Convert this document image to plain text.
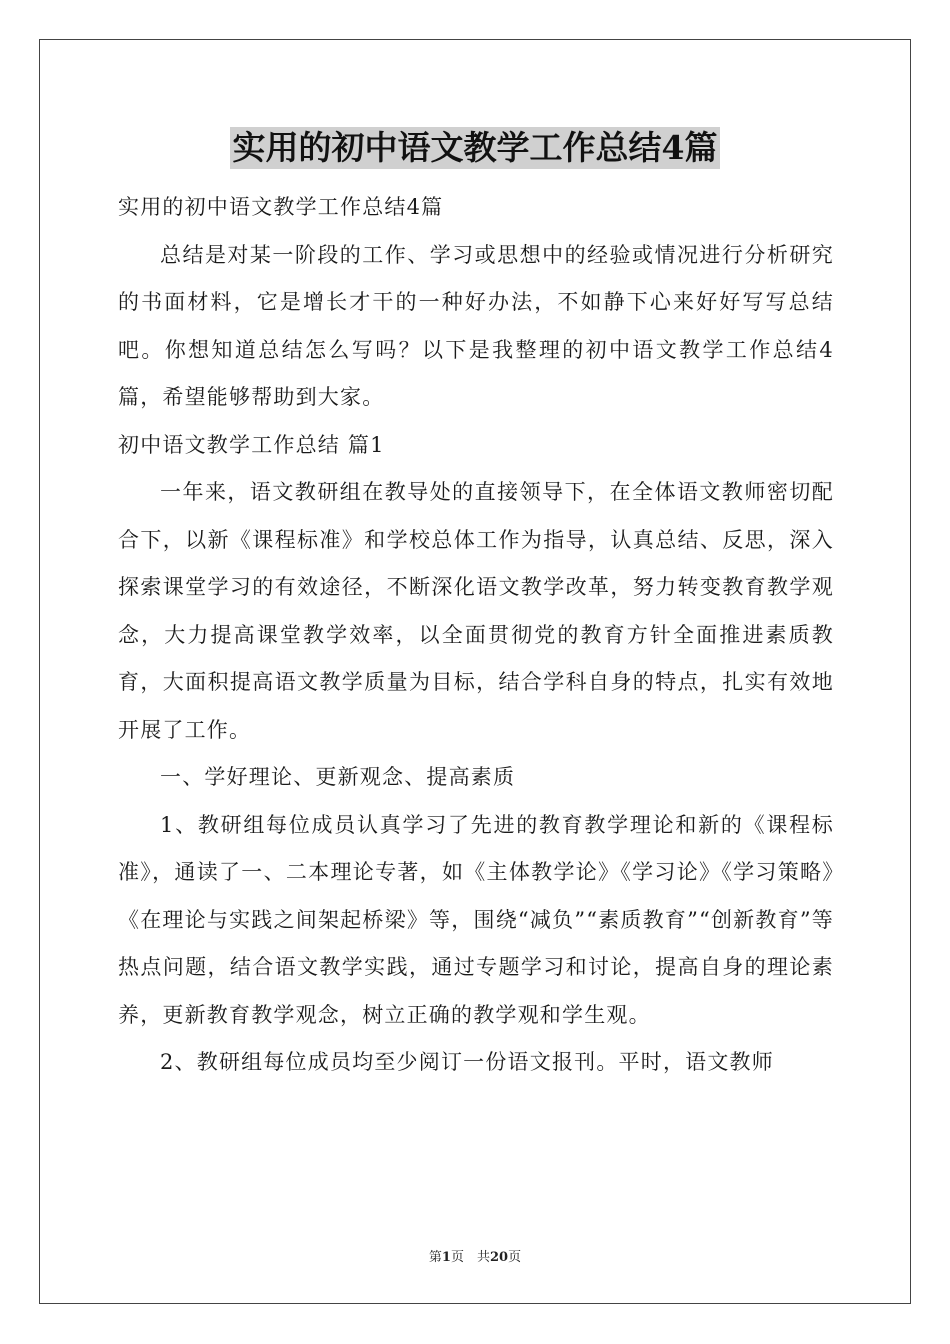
实用的初中语文教学工作总结4篇

实用的初中语文教学工作总结4篇

总结是对某一阶段的工作、学习或思想中的经验或情况进行分析研究的书面材料，它是增长才干的一种好办法，不如静下心来好好写写总结吧。你想知道总结怎么写吗？以下是我整理的初中语文教学工作总结4篇，希望能够帮助到大家。

初中语文教学工作总结 篇1

一年来，语文教研组在教导处的直接领导下，在全体语文教师密切配合下，以新《课程标准》和学校总体工作为指导，认真总结、反思，深入探索课堂学习的有效途径，不断深化语文教学改革，努力转变教育教学观念，大力提高课堂教学效率，以全面贯彻党的教育方针全面推进素质教育，大面积提高语文教学质量为目标，结合学科自身的特点，扎实有效地开展了工作。

一、学好理论、更新观念、提高素质

1、教研组每位成员认真学习了先进的教育教学理论和新的《课程标准》，通读了一、二本理论专著，如《主体教学论》《学习论》《学习策略》《在理论与实践之间架起桥梁》等，围绕“减负”“素质教育”“创新教育”等热点问题，结合语文教学实践，通过专题学习和讨论，提高自身的理论素养，更新教育教学观念，树立正确的教学观和学生观。

2、教研组每位成员均至少阅订一份语文报刊。平时，语文教师

第1页　共20页
